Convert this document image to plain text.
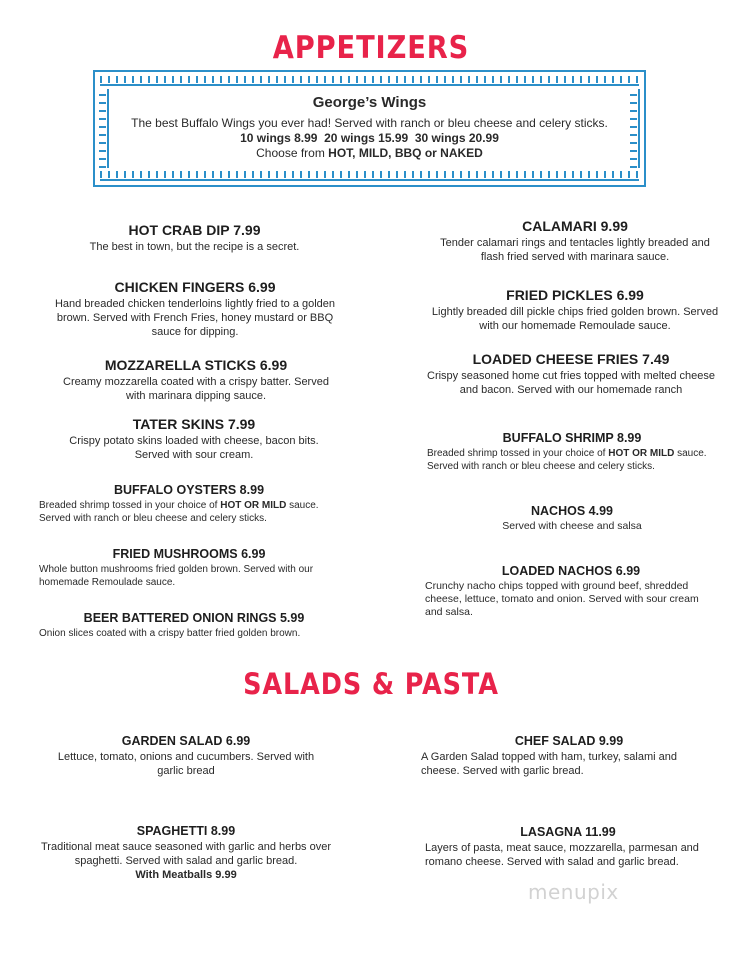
APPETIZERS
George’s Wings
The best Buffalo Wings you ever had! Served with ranch or bleu cheese and celery sticks.
10 wings 8.99  20 wings 15.99  30 wings 20.99
Choose from HOT, MILD, BBQ or NAKED
HOT CRAB DIP 7.99
The best in town, but the recipe is a secret.
CHICKEN FINGERS 6.99
Hand breaded chicken tenderloins lightly fried to a golden brown. Served with French Fries, honey mustard or BBQ sauce for dipping.
MOZZARELLA STICKS 6.99
Creamy mozzarella coated with a crispy batter. Served with marinara dipping sauce.
TATER SKINS 7.99
Crispy potato skins loaded with cheese, bacon bits. Served with sour cream.
BUFFALO OYSTERS 8.99
Breaded shrimp tossed in your choice of HOT OR MILD sauce. Served with ranch or bleu cheese and celery sticks.
FRIED MUSHROOMS 6.99
Whole button mushrooms fried golden brown. Served with our homemade Remoulade sauce.
BEER BATTERED ONION RINGS 5.99
Onion slices coated with a crispy batter fried golden brown.
CALAMARI 9.99
Tender calamari rings and tentacles lightly breaded and flash fried served with marinara sauce.
FRIED PICKLES 6.99
Lightly breaded dill pickle chips fried golden brown. Served with our homemade Remoulade sauce.
LOADED CHEESE FRIES 7.49
Crispy seasoned home cut fries topped with melted cheese and bacon. Served with our homemade ranch
BUFFALO SHRIMP 8.99
Breaded shrimp tossed in your choice of HOT OR MILD sauce. Served with ranch or bleu cheese and celery sticks.
NACHOS 4.99
Served with cheese and salsa
LOADED NACHOS 6.99
Crunchy nacho chips topped with ground beef, shredded cheese, lettuce, tomato and onion. Served with sour cream and salsa.
SALADS & PASTA
GARDEN SALAD 6.99
Lettuce, tomato, onions and cucumbers. Served with garlic bread
SPAGHETTI 8.99
Traditional meat sauce seasoned with garlic and herbs over spaghetti. Served with salad and garlic bread.
With Meatballs 9.99
CHEF SALAD 9.99
A Garden Salad topped with ham, turkey, salami and cheese. Served with garlic bread.
LASAGNA 11.99
Layers of pasta, meat sauce, mozzarella, parmesan and romano cheese. Served with salad and garlic bread.
menupix
